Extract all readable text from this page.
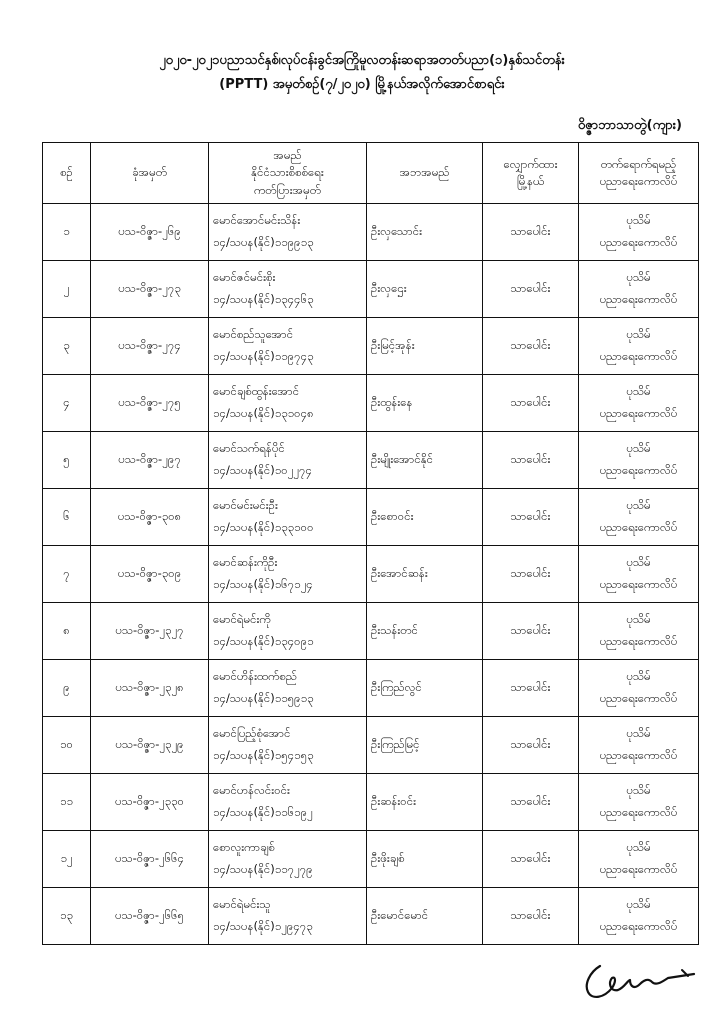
၂၀၂၀-၂၀၂၁ပညာသင်နှစ်၊လုပ်ငန်းခွင်အကြိုမူလတန်းဆရာအတတ်ပညာ(၁)နှစ်သင်တန်း
(PPTT) အမှတ်စဉ်(၇/၂၀၂၀) မြို့နယ်အလိုက်အောင်စာရင်း
ဝိဇ္ဇာဘာသာတွဲ(ကျား)
စဉ်	ခုံအမှတ်	အမည်
နိုင်ငံသားစိစစ်ရေး
ကတ်ပြားအမှတ်	အဘအမည်	လျှောက်ထား
မြို့နယ်	တက်ရောက်ရမည့်
ပညာရေးကောလိပ်

၁	ပသ-ဝိဇ္ဇာ-၂၆၉	မောင်အောင်မင်းသိန်း
၁၄/သပန(နိုင်)၁၁၉၉၁၃	ဦးလှသောင်း	သာပေါင်း	ပုသိမ်
ပညာရေးကောလိပ်

၂	ပသ-ဝိဇ္ဇာ-၂၇၃	မောင်ဇင်မင်းစိုး
၁၄/သပန(နိုင်)၁၃၄၄၆၃	ဦးလှဌေး	သာပေါင်း	ပုသိမ်
ပညာရေးကောလိပ်

၃	ပသ-ဝိဇ္ဇာ-၂၇၄	မောင်စည်သူအောင်
၁၄/သပန(နိုင်)၁၁၉၇၄၃	ဦးမြင့်အုန်း	သာပေါင်း	ပုသိမ်
ပညာရေးကောလိပ်

၄	ပသ-ဝိဇ္ဇာ-၂၇၅	မောင်ချစ်ထွန်းအောင်
၁၄/သပန(နိုင်)၁၃၁၀၄၈	ဦးထွန်းနေ	သာပေါင်း	ပုသိမ်
ပညာရေးကောလိပ်

၅	ပသ-ဝိဇ္ဇာ-၂၉၇	မောင်သက်ရန်ပိုင်
၁၄/သပန(နိုင်)၁၀၂၂၇၄	ဦးမျိုးအောင်နိုင်	သာပေါင်း	ပုသိမ်
ပညာရေးကောလိပ်

၆	ပသ-ဝိဇ္ဇာ-၃၀၈	မောင်မင်းမင်းဦး
၁၄/သပန(နိုင်)၁၃၃၁၀၀	ဦးစောဝင်း	သာပေါင်း	ပုသိမ်
ပညာရေးကောလိပ်

၇	ပသ-ဝိဇ္ဇာ-၃၀၉	မောင်ဆန်းကိုဦး
၁၄/သပန(နိုင်)၁၆၇၁၂၄	ဦးအောင်ဆန်း	သာပေါင်း	ပုသိမ်
ပညာရေးကောလိပ်

၈	ပသ-ဝိဇ္ဇာ-၂၃၂၇	မောင်ရဲမင်းကို
၁၄/သပန(နိုင်)၁၃၄၀၉၁	ဦးသန်းတင်	သာပေါင်း	ပုသိမ်
ပညာရေးကောလိပ်

၉	ပသ-ဝိဇ္ဇာ-၂၃၂၈	မောင်ဟိန်းထက်စည်
၁၄/သပန(နိုင်)၁၁၅၉၁၃	ဦးကြည်လွင်	သာပေါင်း	ပုသိမ်
ပညာရေးကောလိပ်

၁၀	ပသ-ဝိဇ္ဇာ-၂၃၂၉	မောင်ပြည့်စုံအောင်
၁၄/သပန(နိုင်)၁၅၄၁၅၃	ဦးကြည်မြင့်	သာပေါင်း	ပုသိမ်
ပညာရေးကောလိပ်

၁၁	ပသ-ဝိဇ္ဇာ-၂၃၃၀	မောင်ဟန်လင်းဝင်း
၁၄/သပန(နိုင်)၁၁၆၁၉၂	ဦးဆန်းဝင်း	သာပေါင်း	ပုသိမ်
ပညာရေးကောလိပ်

၁၂	ပသ-ဝိဇ္ဇာ-၂၆၆၄	စောလူးကာချစ်
၁၄/သပန(နိုင်)၁၁၇၂၇၉	ဦးဖိုးချစ်	သာပေါင်း	ပုသိမ်
ပညာရေးကောလိပ်

၁၃	ပသ-ဝိဇ္ဇာ-၂၆၆၅	မောင်ရဲမင်းသူ
၁၄/သပန(နိုင်)၁၂၉၄၇၃	ဦးမောင်မောင်	သာပေါင်း	ပုသိမ်
ပညာရေးကောလိပ်
